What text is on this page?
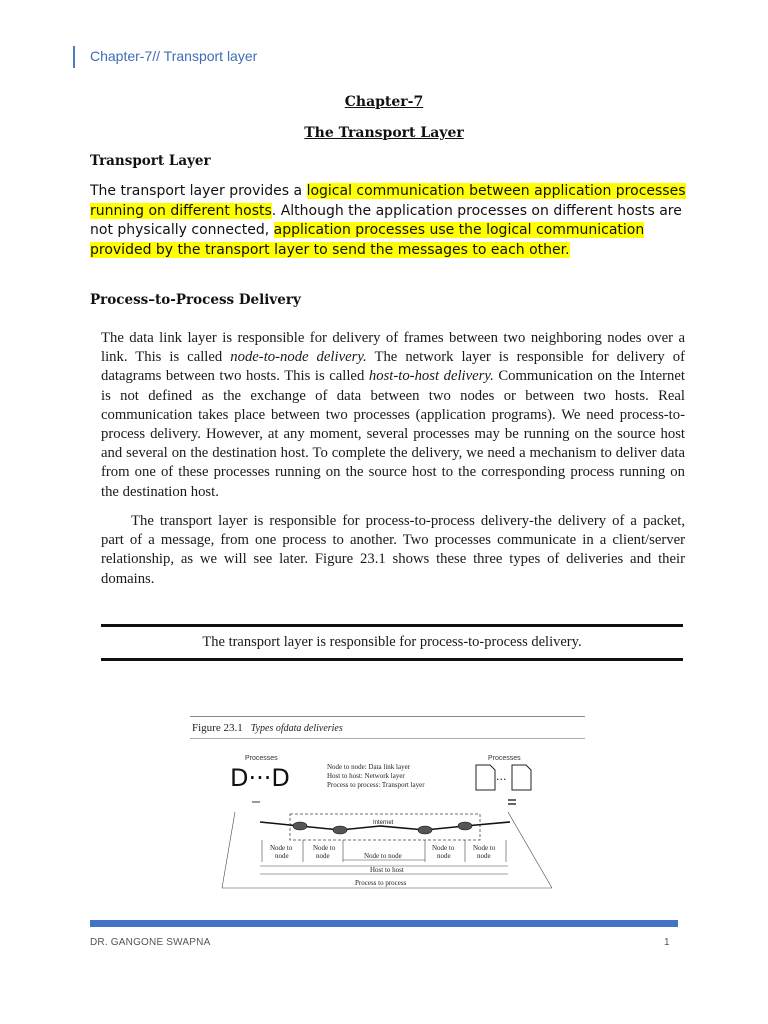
Chapter-7// Transport layer
Chapter-7
The Transport Layer
Transport Layer
The transport layer provides a logical communication between application processes running on different hosts. Although the application processes on different hosts are not physically connected, application processes use the logical communication provided by the transport layer to send the messages to each other.
Process–to-Process Delivery

The data link layer is responsible for delivery of frames between two neighboring nodes over a link. This is called node-to-node delivery. The network layer is responsible for delivery of datagrams between two hosts. This is called host-to-host delivery. Communication on the Internet is not defined as the exchange of data between two nodes or between two hosts. Real communication takes place between two processes (application programs). We need process-to-process delivery. However, at any moment, several processes may be running on the source host and several on the destination host. To complete the delivery, we need a mechanism to deliver data from one of these processes running on the source host to the corresponding process running on the destination host.

The transport layer is responsible for process-to-process delivery-the delivery of a packet, part of a message, from one process to another. Two processes communicate in a client/server relationship, as we will see later. Figure 23.1 shows these three types of deliveries and their domains.

The transport layer is responsible for process-to-process delivery.
Figure 23.1 Types ofdata deliveries
Processes	Processes
D···D	Node to node: Data link layer
Host to host: Network layer
Process to process: Transport layer	···
Internet
Node to
node
Node to
node	Node to node
Node to
node
Node to
node
Host to host
Process to process
DR. GANGONE SWAPNA	1
